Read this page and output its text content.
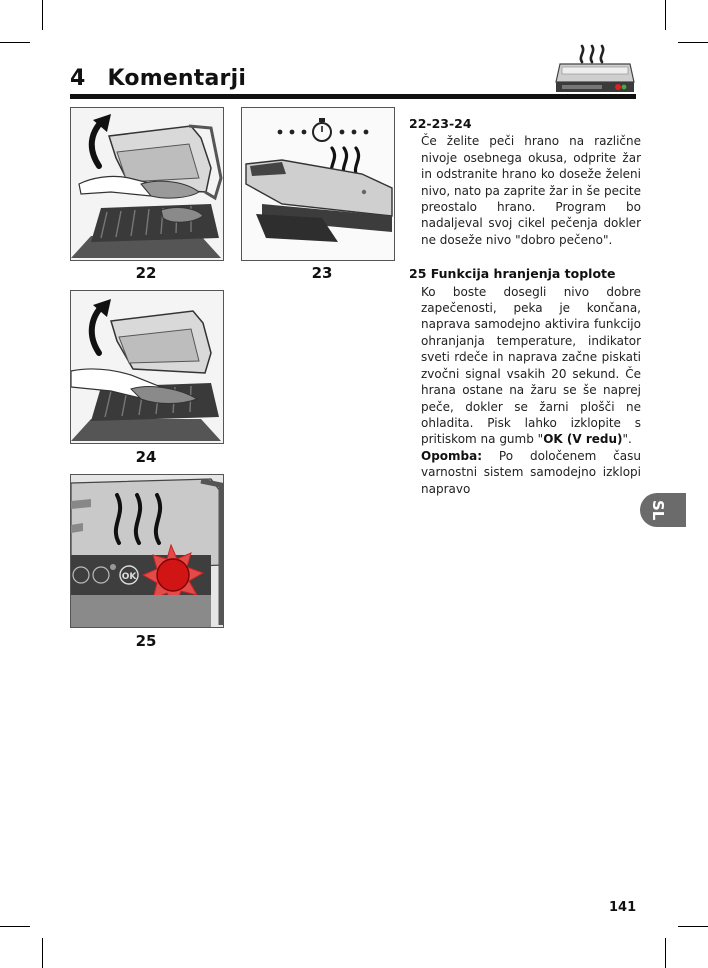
4 Komentarji
22	23
24
OK
25
22-23-24
Če želite peči hrano na različne nivoje osebnega okusa, odprite žar in odstranite hrano ko doseže želeni nivo, nato pa zaprite žar in še pecite preostalo hrano. Program bo nadaljeval svoj cikel pečenja dokler ne doseže nivo "dobro pečeno".
25 Funkcija hranjenja toplote
Ko boste dosegli nivo dobre zapečenosti, peka je končana, naprava samodejno aktivira funkcijo ohranjanja temperature, indikator sveti rdeče in naprava začne piskati zvočni signal vsakih 20 sekund. Če hrana ostane na žaru se še naprej peče, dokler se žarni plošči ne ohladita. Pisk lahko izklopite s pritiskom na gumb "OK (V redu)".
Opomba: Po določenem času varnostni sistem samodejno izklopi napravo
SL
141
